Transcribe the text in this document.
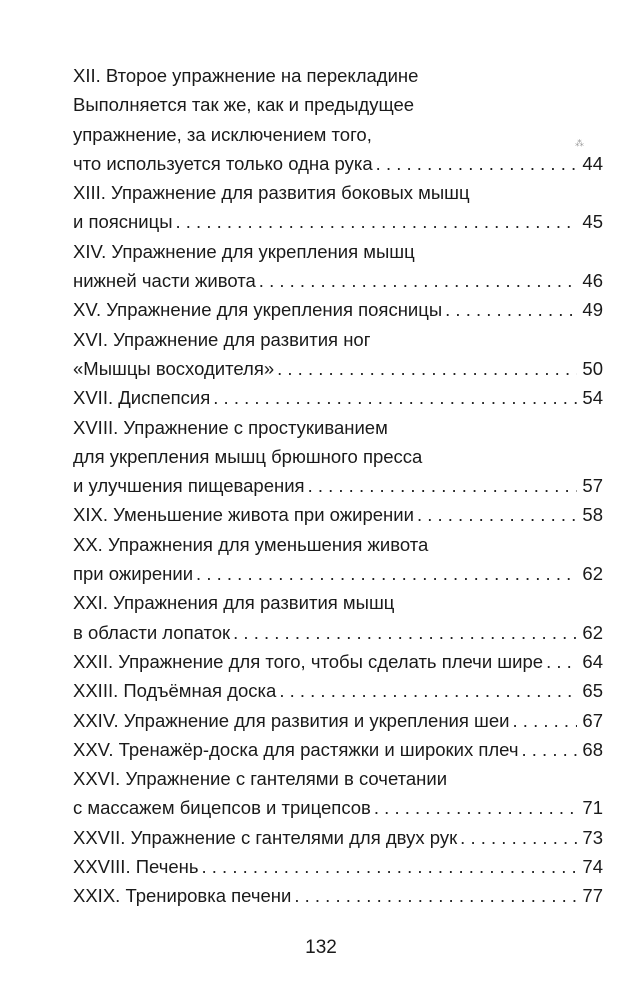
XII. Второе упражнение на перекладине
Выполняется так же, как и предыдущее
упражнение, за исключением того,
что используется только одна рука . . .	44
XIII. Упражнение для развития боковых мышц
и поясницы . . .	45
XIV. Упражнение для укрепления мышц
нижней части живота . . .	46
XV. Упражнение для укрепления поясницы . . .	49
XVI. Упражнение для развития ног
«Мышцы восходителя» . . .	50
XVII. Диспепсия . . .	54
XVIII. Упражнение с простукиванием
для укрепления мышц брюшного пресса
и улучшения пищеварения . . .	57
XIX. Уменьшение живота при ожирении . . .	58
XX. Упражнения для уменьшения живота
при ожирении . . .	62
XXI. Упражнения для развития мышц
в области лопаток . . .	62
XXII. Упражнение для того, чтобы сделать плечи шире . . . 64
XXIII. Подъёмная доска . . .	65
XXIV. Упражнение для развития и укрепления шеи . . .	67
XXV. Тренажёр-доска для растяжки и широких плеч . . .	68
XXVI. Упражнение с гантелями в сочетании
с массажем бицепсов и трицепсов . . .	71
XXVII. Упражнение с гантелями для двух рук . . .	73
XXVIII. Печень . . .	74
XXIX. Тренировка печени . . .	77
132
⁂
